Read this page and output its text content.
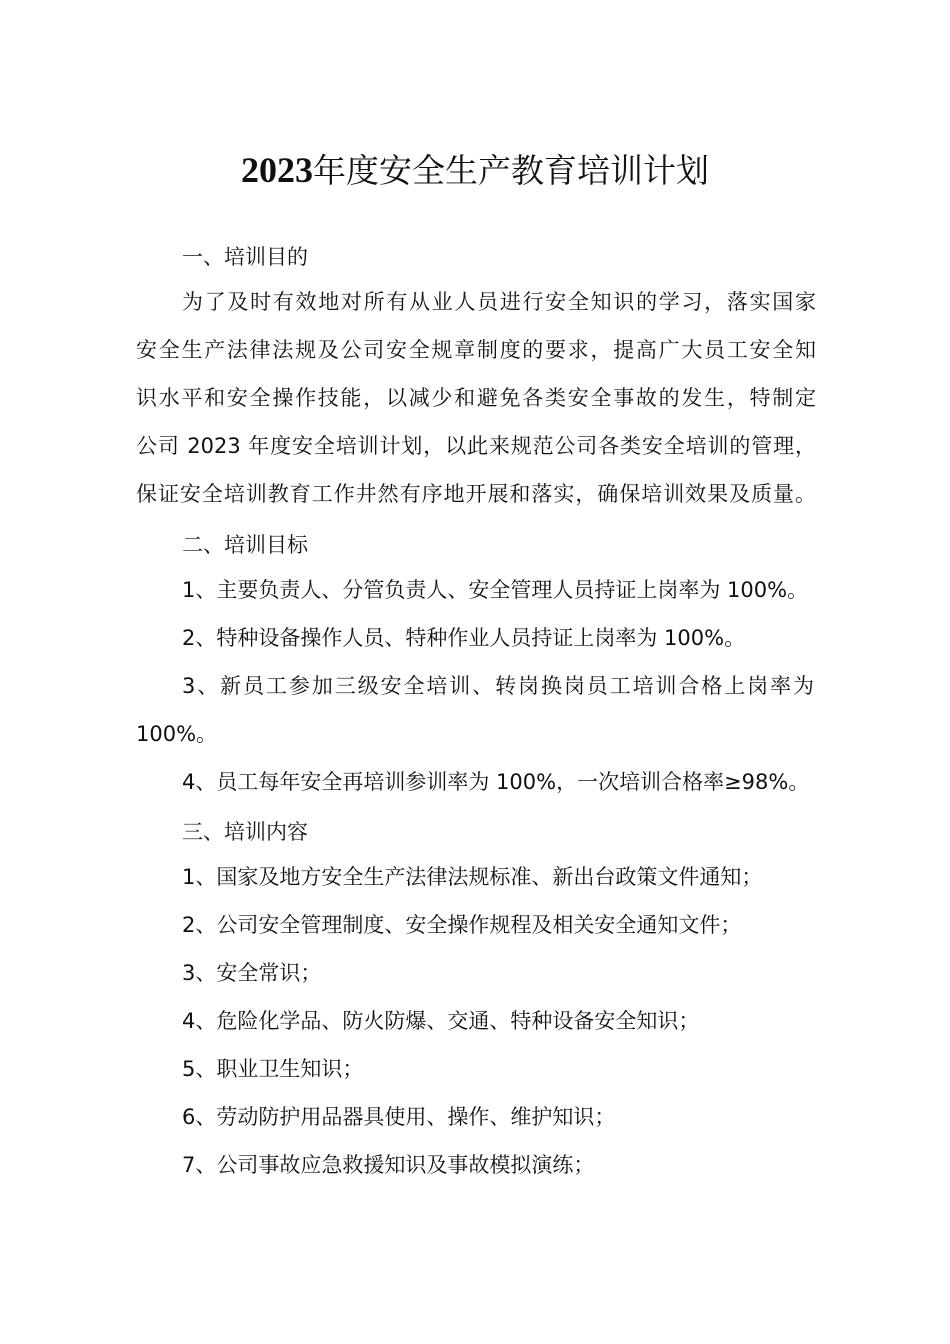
2023年度安全生产教育培训计划
一、培训目的
为了及时有效地对所有从业人员进行安全知识的学习，落实国家
安全生产法律法规及公司安全规章制度的要求，提高广大员工安全知
识水平和安全操作技能，以减少和避免各类安全事故的发生，特制定
公司 2023 年度安全培训计划，以此来规范公司各类安全培训的管理，
保证安全培训教育工作井然有序地开展和落实，确保培训效果及质量。
二、培训目标
1、主要负责人、分管负责人、安全管理人员持证上岗率为 100%。
2、特种设备操作人员、特种作业人员持证上岗率为 100%。
3、新员工参加三级安全培训、转岗换岗员工培训合格上岗率为
100%。
4、员工每年安全再培训参训率为 100%，一次培训合格率≥98%。
三、培训内容
1、国家及地方安全生产法律法规标准、新出台政策文件通知；
2、公司安全管理制度、安全操作规程及相关安全通知文件；
3、安全常识；
4、危险化学品、防火防爆、交通、特种设备安全知识；
5、职业卫生知识；
6、劳动防护用品器具使用、操作、维护知识；
7、公司事故应急救援知识及事故模拟演练；
